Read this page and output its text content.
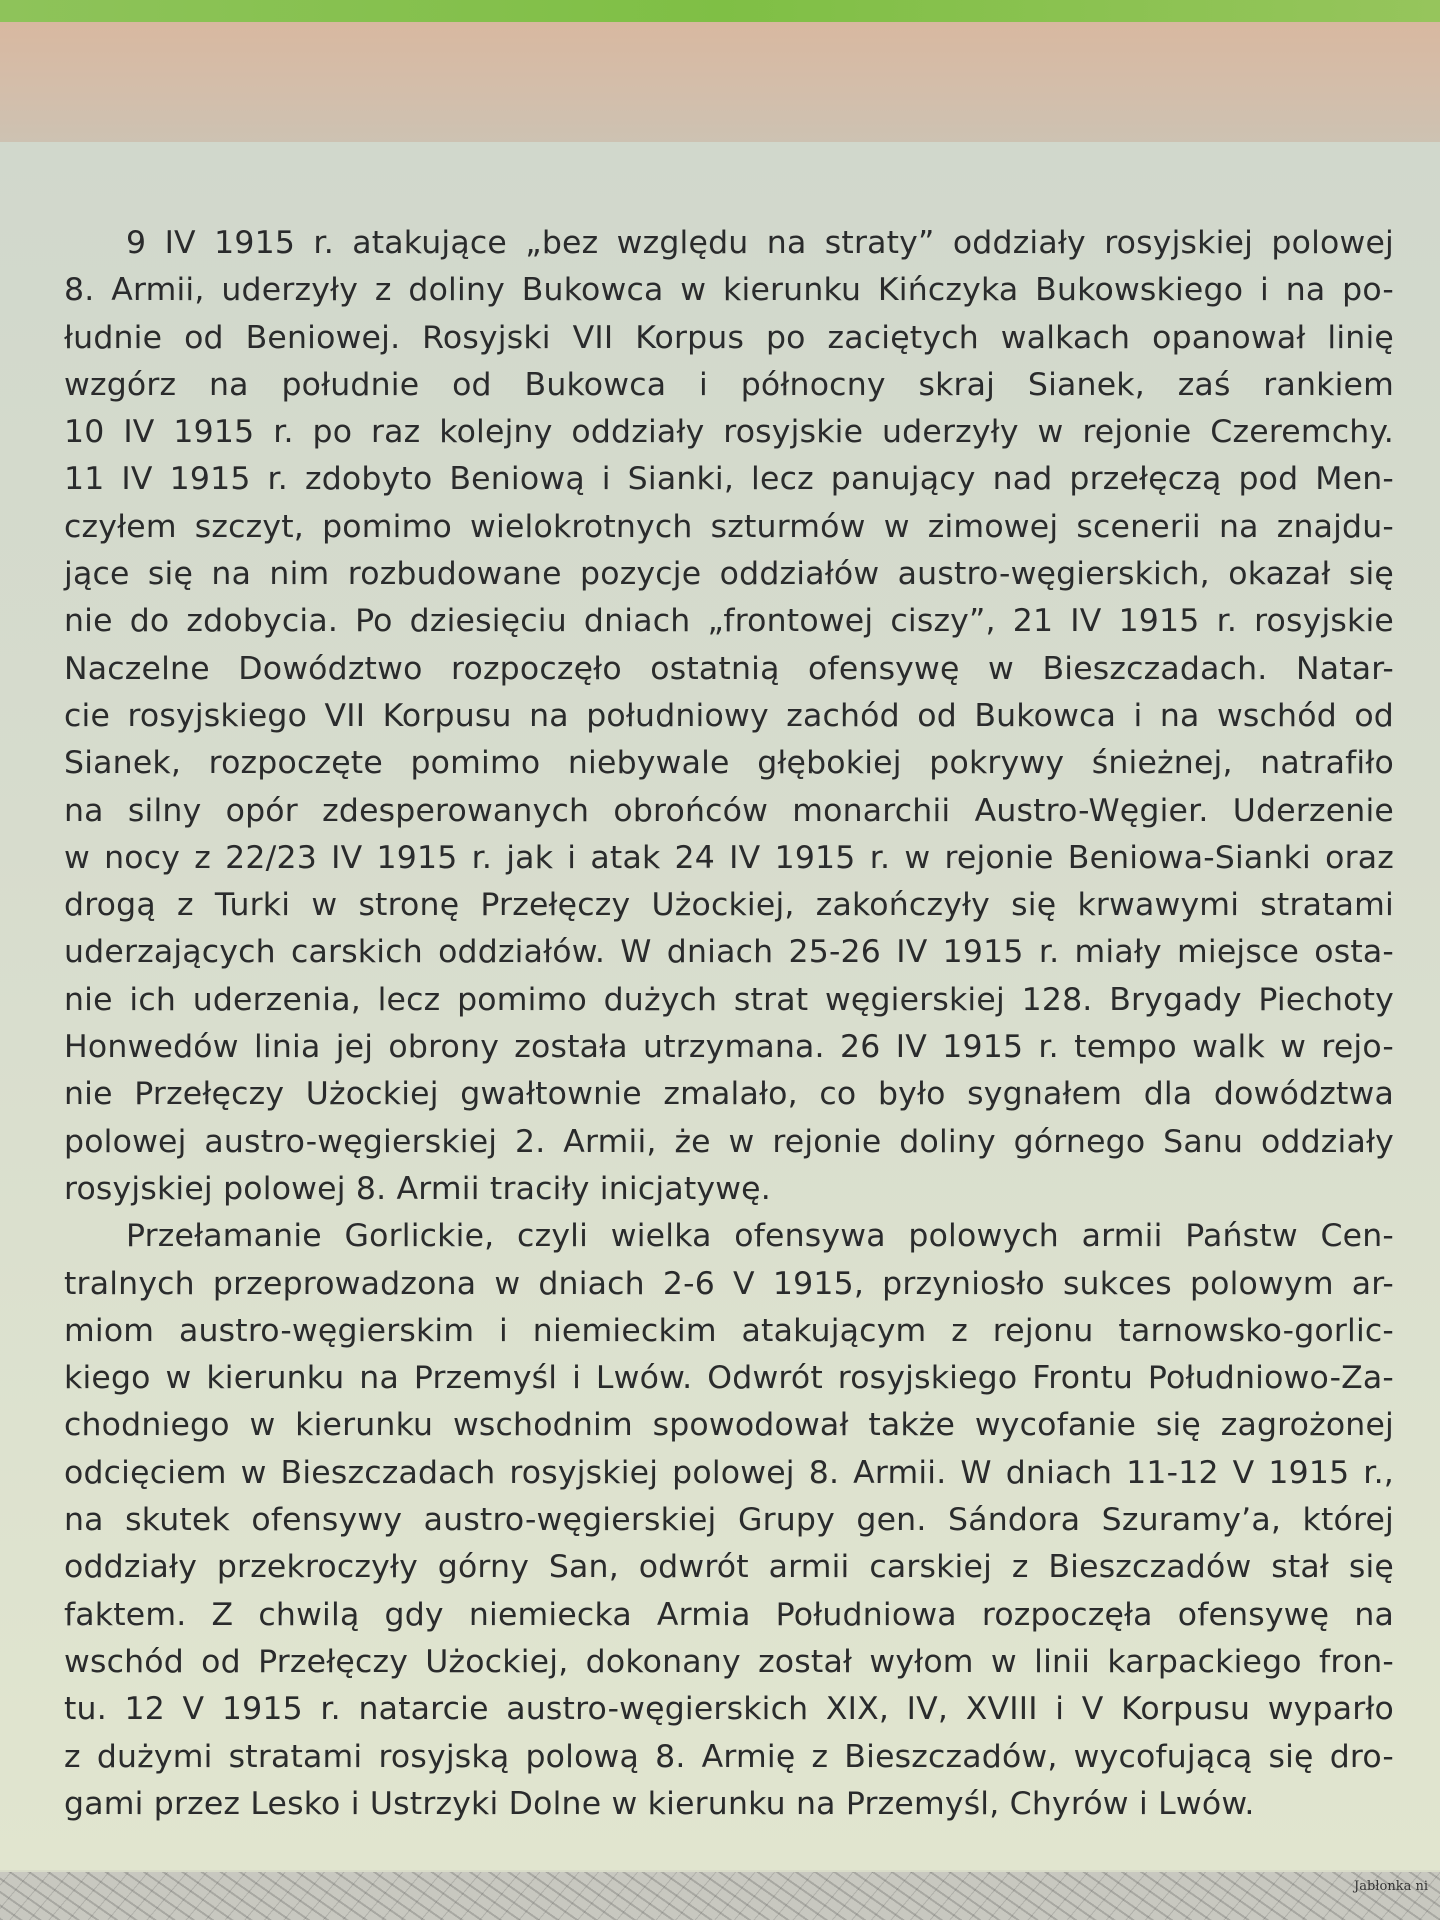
9 IV 1915 r. atakujące „bez względu na straty” oddziały rosyjskiej polowej
8. Armii, uderzyły z doliny Bukowca w kierunku Kińczyka Bukowskiego i na po-
łudnie od Beniowej. Rosyjski VII Korpus po zaciętych walkach opanował linię
wzgórz na południe od Bukowca i północny skraj Sianek, zaś rankiem
10 IV 1915 r. po raz kolejny oddziały rosyjskie uderzyły w rejonie Czeremchy.
11 IV 1915 r. zdobyto Beniową i Sianki, lecz panujący nad przełęczą pod Men-
czyłem szczyt, pomimo wielokrotnych szturmów w zimowej scenerii na znajdu-
jące się na nim rozbudowane pozycje oddziałów austro-węgierskich, okazał się
nie do zdobycia. Po dziesięciu dniach „frontowej ciszy”, 21 IV 1915 r. rosyjskie
Naczelne Dowództwo rozpoczęło ostatnią ofensywę w Bieszczadach. Natar-
cie rosyjskiego VII Korpusu na południowy zachód od Bukowca i na wschód od
Sianek, rozpoczęte pomimo niebywale głębokiej pokrywy śnieżnej, natrafiło
na silny opór zdesperowanych obrońców monarchii Austro-Węgier. Uderzenie
w nocy z 22/23 IV 1915 r. jak i atak 24 IV 1915 r. w rejonie Beniowa-Sianki oraz
drogą z Turki w stronę Przełęczy Użockiej, zakończyły się krwawymi stratami
uderzających carskich oddziałów. W dniach 25-26 IV 1915 r. miały miejsce osta-
nie ich uderzenia, lecz pomimo dużych strat węgierskiej 128. Brygady Piechoty
Honwedów linia jej obrony została utrzymana. 26 IV 1915 r. tempo walk w rejo-
nie Przełęczy Użockiej gwałtownie zmalało, co było sygnałem dla dowództwa
polowej austro-węgierskiej 2. Armii, że w rejonie doliny górnego Sanu oddziały
rosyjskiej polowej 8. Armii traciły inicjatywę.
Przełamanie Gorlickie, czyli wielka ofensywa polowych armii Państw Cen-
tralnych przeprowadzona w dniach 2-6 V 1915, przyniosło sukces polowym ar-
miom austro-węgierskim i niemieckim atakującym z rejonu tarnowsko-gorlic-
kiego w kierunku na Przemyśl i Lwów. Odwrót rosyjskiego Frontu Południowo-Za-
chodniego w kierunku wschodnim spowodował także wycofanie się zagrożonej
odcięciem w Bieszczadach rosyjskiej polowej 8. Armii. W dniach 11-12 V 1915 r.,
na skutek ofensywy austro-węgierskiej Grupy gen. Sándora Szuramy’a, której
oddziały przekroczyły górny San, odwrót armii carskiej z Bieszczadów stał się
faktem. Z chwilą gdy niemiecka Armia Południowa rozpoczęła ofensywę na
wschód od Przełęczy Użockiej, dokonany został wyłom w linii karpackiego fron-
tu. 12 V 1915 r. natarcie austro-węgierskich XIX, IV, XVIII i V Korpusu wyparło
z dużymi stratami rosyjską polową 8. Armię z Bieszczadów, wycofującą się dro-
gami przez Lesko i Ustrzyki Dolne w kierunku na Przemyśl, Chyrów i Lwów.
Jabłonka ni
